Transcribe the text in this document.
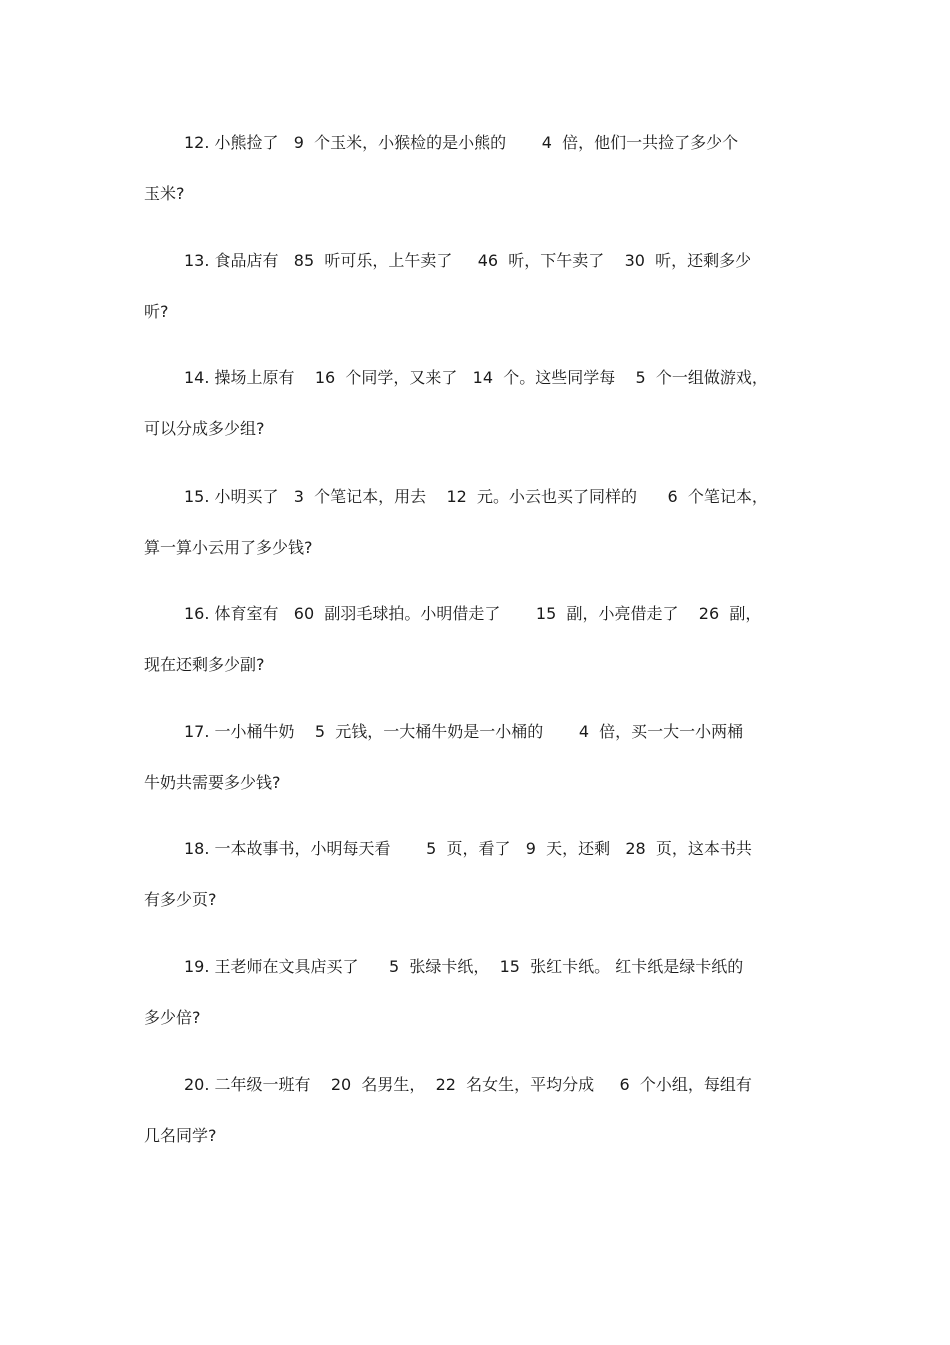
12. 小熊捡了   9  个玉米，小猴检的是小熊的       4  倍，他们一共捡了多少个
玉米?
13. 食品店有   85  听可乐，上午卖了     46  听，下午卖了    30  听，还剩多少
听?
14. 操场上原有    16  个同学，又来了   14  个。这些同学每    5  个一组做游戏，
可以分成多少组?
15. 小明买了   3  个笔记本，用去    12  元。小云也买了同样的      6  个笔记本，
算一算小云用了多少钱?
16. 体育室有   60  副羽毛球拍。小明借走了       15  副，小亮借走了    26  副，
现在还剩多少副?
17. 一小桶牛奶    5  元钱，一大桶牛奶是一小桶的       4  倍，买一大一小两桶
牛奶共需要多少钱?
18. 一本故事书，小明每天看       5  页，看了   9  天，还剩   28  页，这本书共
有多少页?
19. 王老师在文具店买了      5  张绿卡纸，  15  张红卡纸。 红卡纸是绿卡纸的
多少倍?
20. 二年级一班有    20  名男生，  22  名女生，平均分成     6  个小组，每组有
几名同学?
